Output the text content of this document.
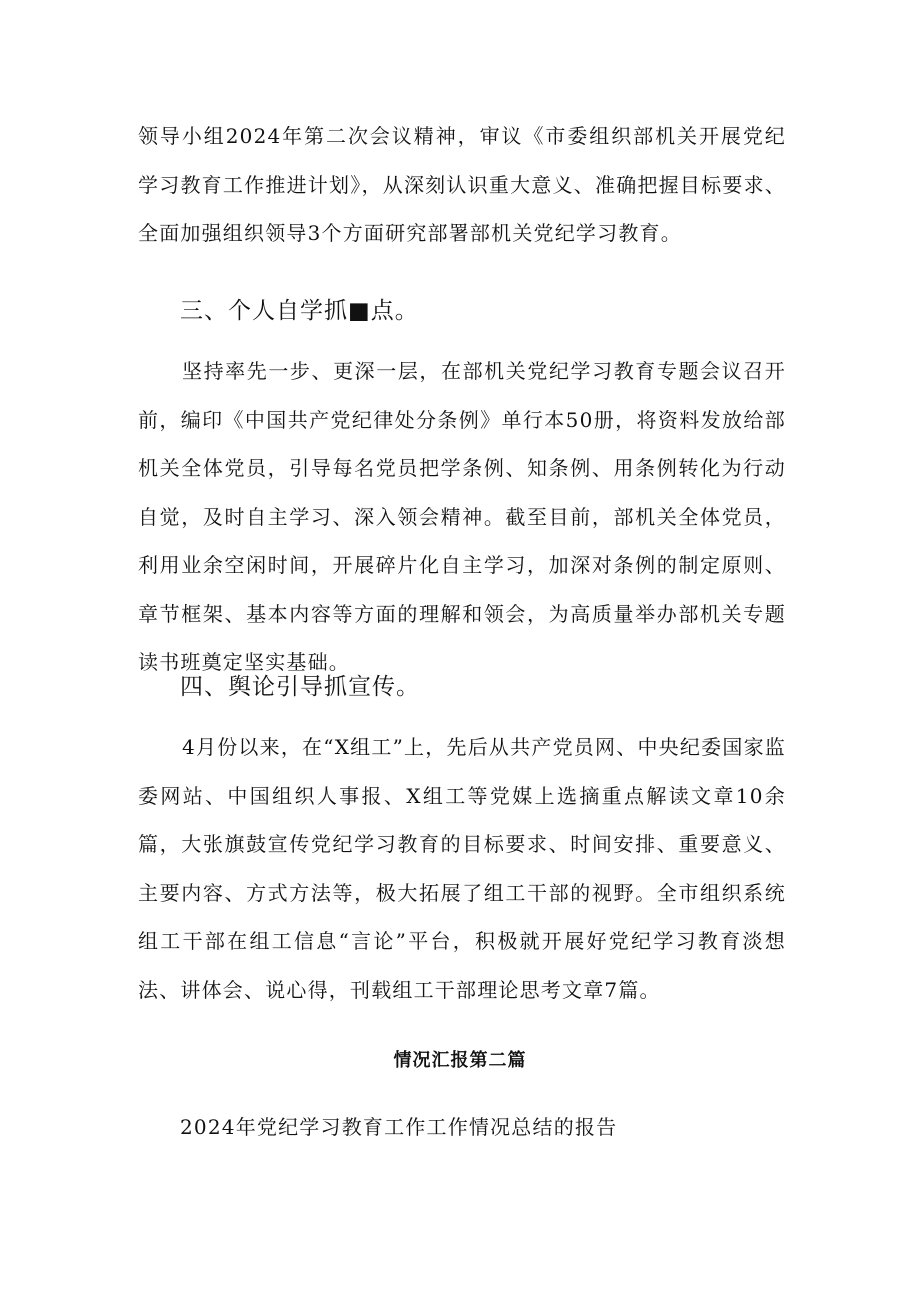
领导小组2024年第二次会议精神，审议《市委组织部机关开展党纪学习教育工作推进计划》，从深刻认识重大意义、准确把握目标要求、全面加强组织领导3个方面研究部署部机关党纪学习教育。

三、个人自学抓■点。

坚持率先一步、更深一层，在部机关党纪学习教育专题会议召开前，编印《中国共产党纪律处分条例》单行本50册，将资料发放给部机关全体党员，引导每名党员把学条例、知条例、用条例转化为行动自觉，及时自主学习、深入领会精神。截至目前，部机关全体党员，利用业余空闲时间，开展碎片化自主学习，加深对条例的制定原则、章节框架、基本内容等方面的理解和领会，为高质量举办部机关专题读书班奠定坚实基础。

四、舆论引导抓宣传。

4月份以来，在“X组工”上，先后从共产党员网、中央纪委国家监委网站、中国组织人事报、X组工等党媒上选摘重点解读文章10余篇，大张旗鼓宣传党纪学习教育的目标要求、时间安排、重要意义、主要内容、方式方法等，极大拓展了组工干部的视野。全市组织系统组工干部在组工信息“言论”平台，积极就开展好党纪学习教育淡想法、讲体会、说心得，刊载组工干部理论思考文章7篇。

情况汇报第二篇

2024年党纪学习教育工作工作情况总结的报告
